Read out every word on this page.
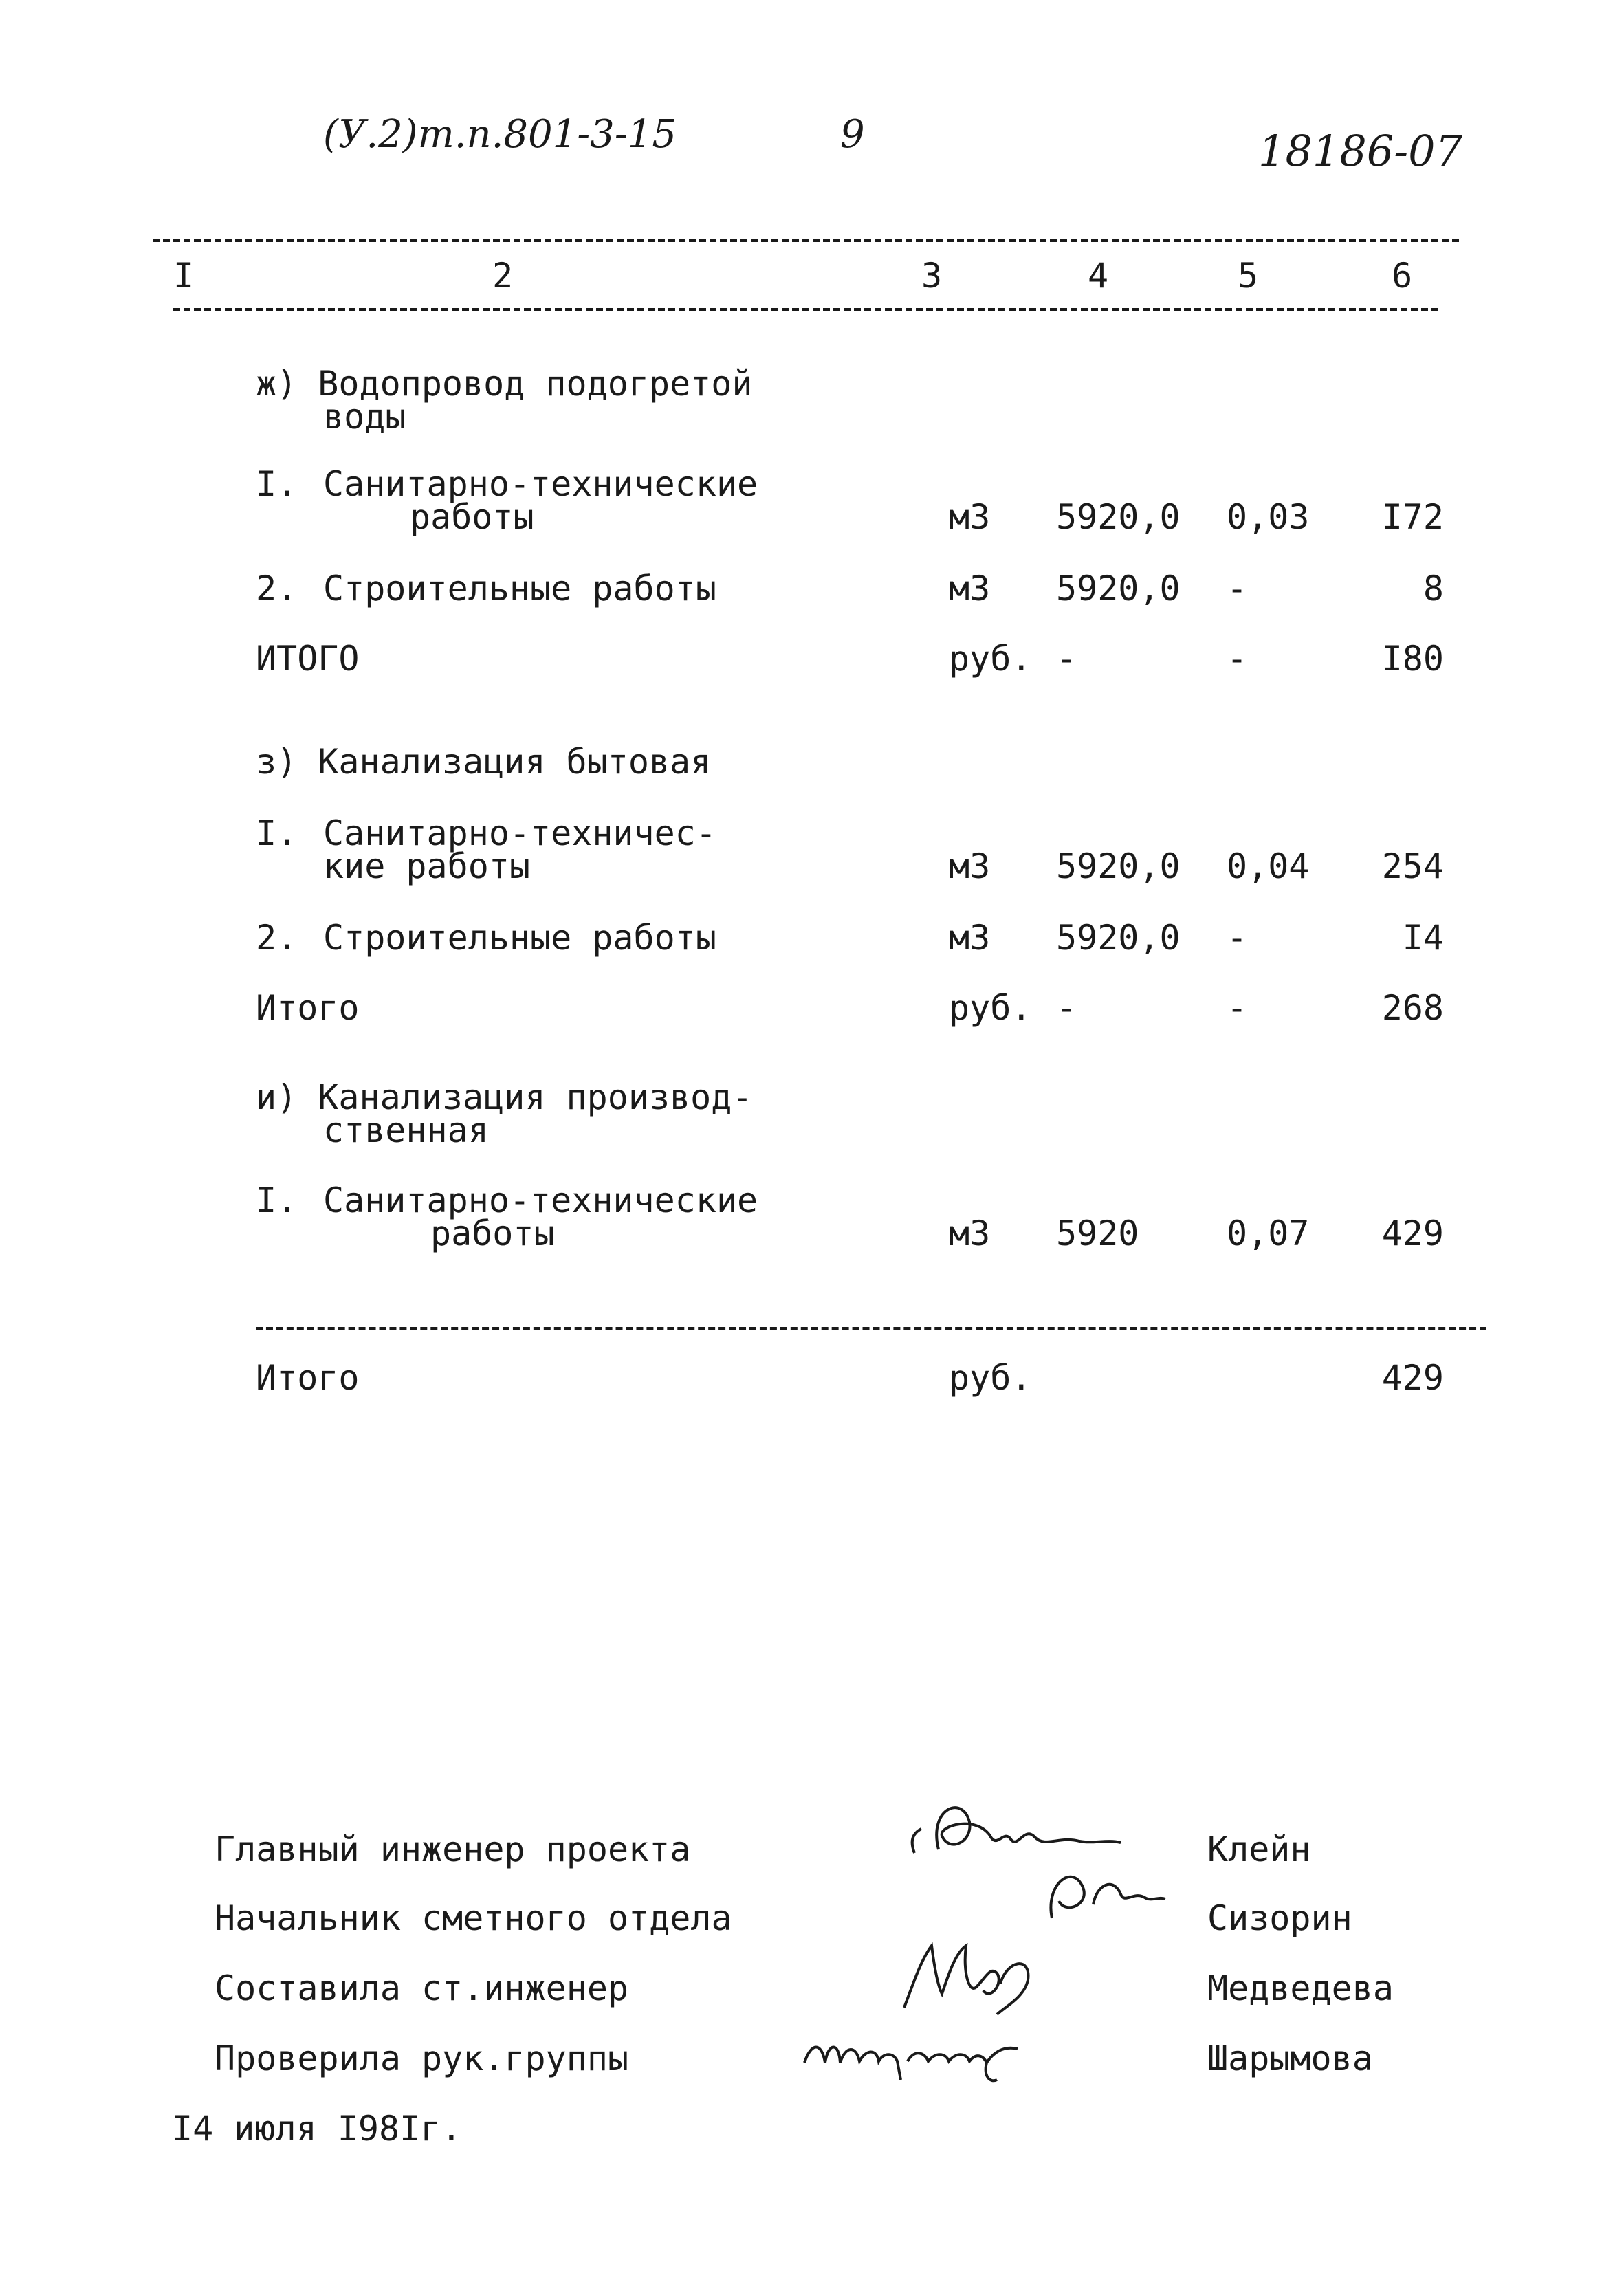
(У.2)т.п.801-3-15	9	18186-07
I	2	3	4	5	6
ж) Водопровод подогретой
воды
I. Санитарно-технические
работы	м3 5920,0 0,03 I72
2. Строительные работы	м3 5920,0 -	8
ИТОГО	руб. -	-	I80
з) Канализация бытовая
I. Санитарно-техничес-
кие работы	м3 5920,0 0,04 254
2. Строительные работы	м3 5920,0 -	I4
Итого	руб. -	-	268
и) Канализация производ-
ственная
I. Санитарно-технические
работы	м3 5920	0,07 429
Итого	руб.	429
Главный инженер проекта	Клейн
Начальник сметного отдела	Сизорин
Составила ст.инженер	Медведева
Проверила рук.группы	Шарымова
I4 июля I98Iг.
